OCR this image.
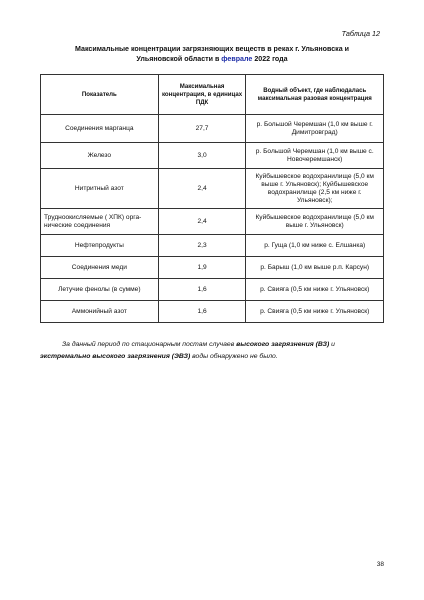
Таблица 12
Максимальные концентрации загрязняющих веществ в реках г. Ульяновска и
Ульяновской области в феврале 2022 года
Показатель	Максимальная концентрация, в единицах ПДК	Водный объект, где наблюдалась максимальная разовая концентрация
Соединения марганца	27,7	р. Большой Черемшан (1,0 км выше г. Димитровград)
Железо	3,0	р. Большой Черемшан (1,0 км выше с. Новочеремшанск)
Нитритный азот	2,4	Куйбышевское водохранилище (5,0 км выше г. Ульяновск); Куйбышевское водохранилище (2,5 км ниже г. Ульяновск);
Трудноокисляемые ( ХПК) орга-нические соединения	2,4	Куйбышевское водохранилище (5,0 км выше г. Ульяновск)
Нефтепродукты	2,3	р. Гуща (1,0 км ниже с. Елшанка)
Соединения меди	1,9	р. Барыш (1,0 км выше р.п. Карсун)
Летучие фенолы (в сумме)	1,6	р. Свияга (0,5 км ниже г. Ульяновск)
Аммонийный азот	1,6	р. Свияга (0,5 км ниже г. Ульяновск)
За данный период по стационарным постам случаев высокого загрязнения (ВЗ) и экстремально высокого загрязнения (ЭВЗ) воды обнаружено не было.
38
